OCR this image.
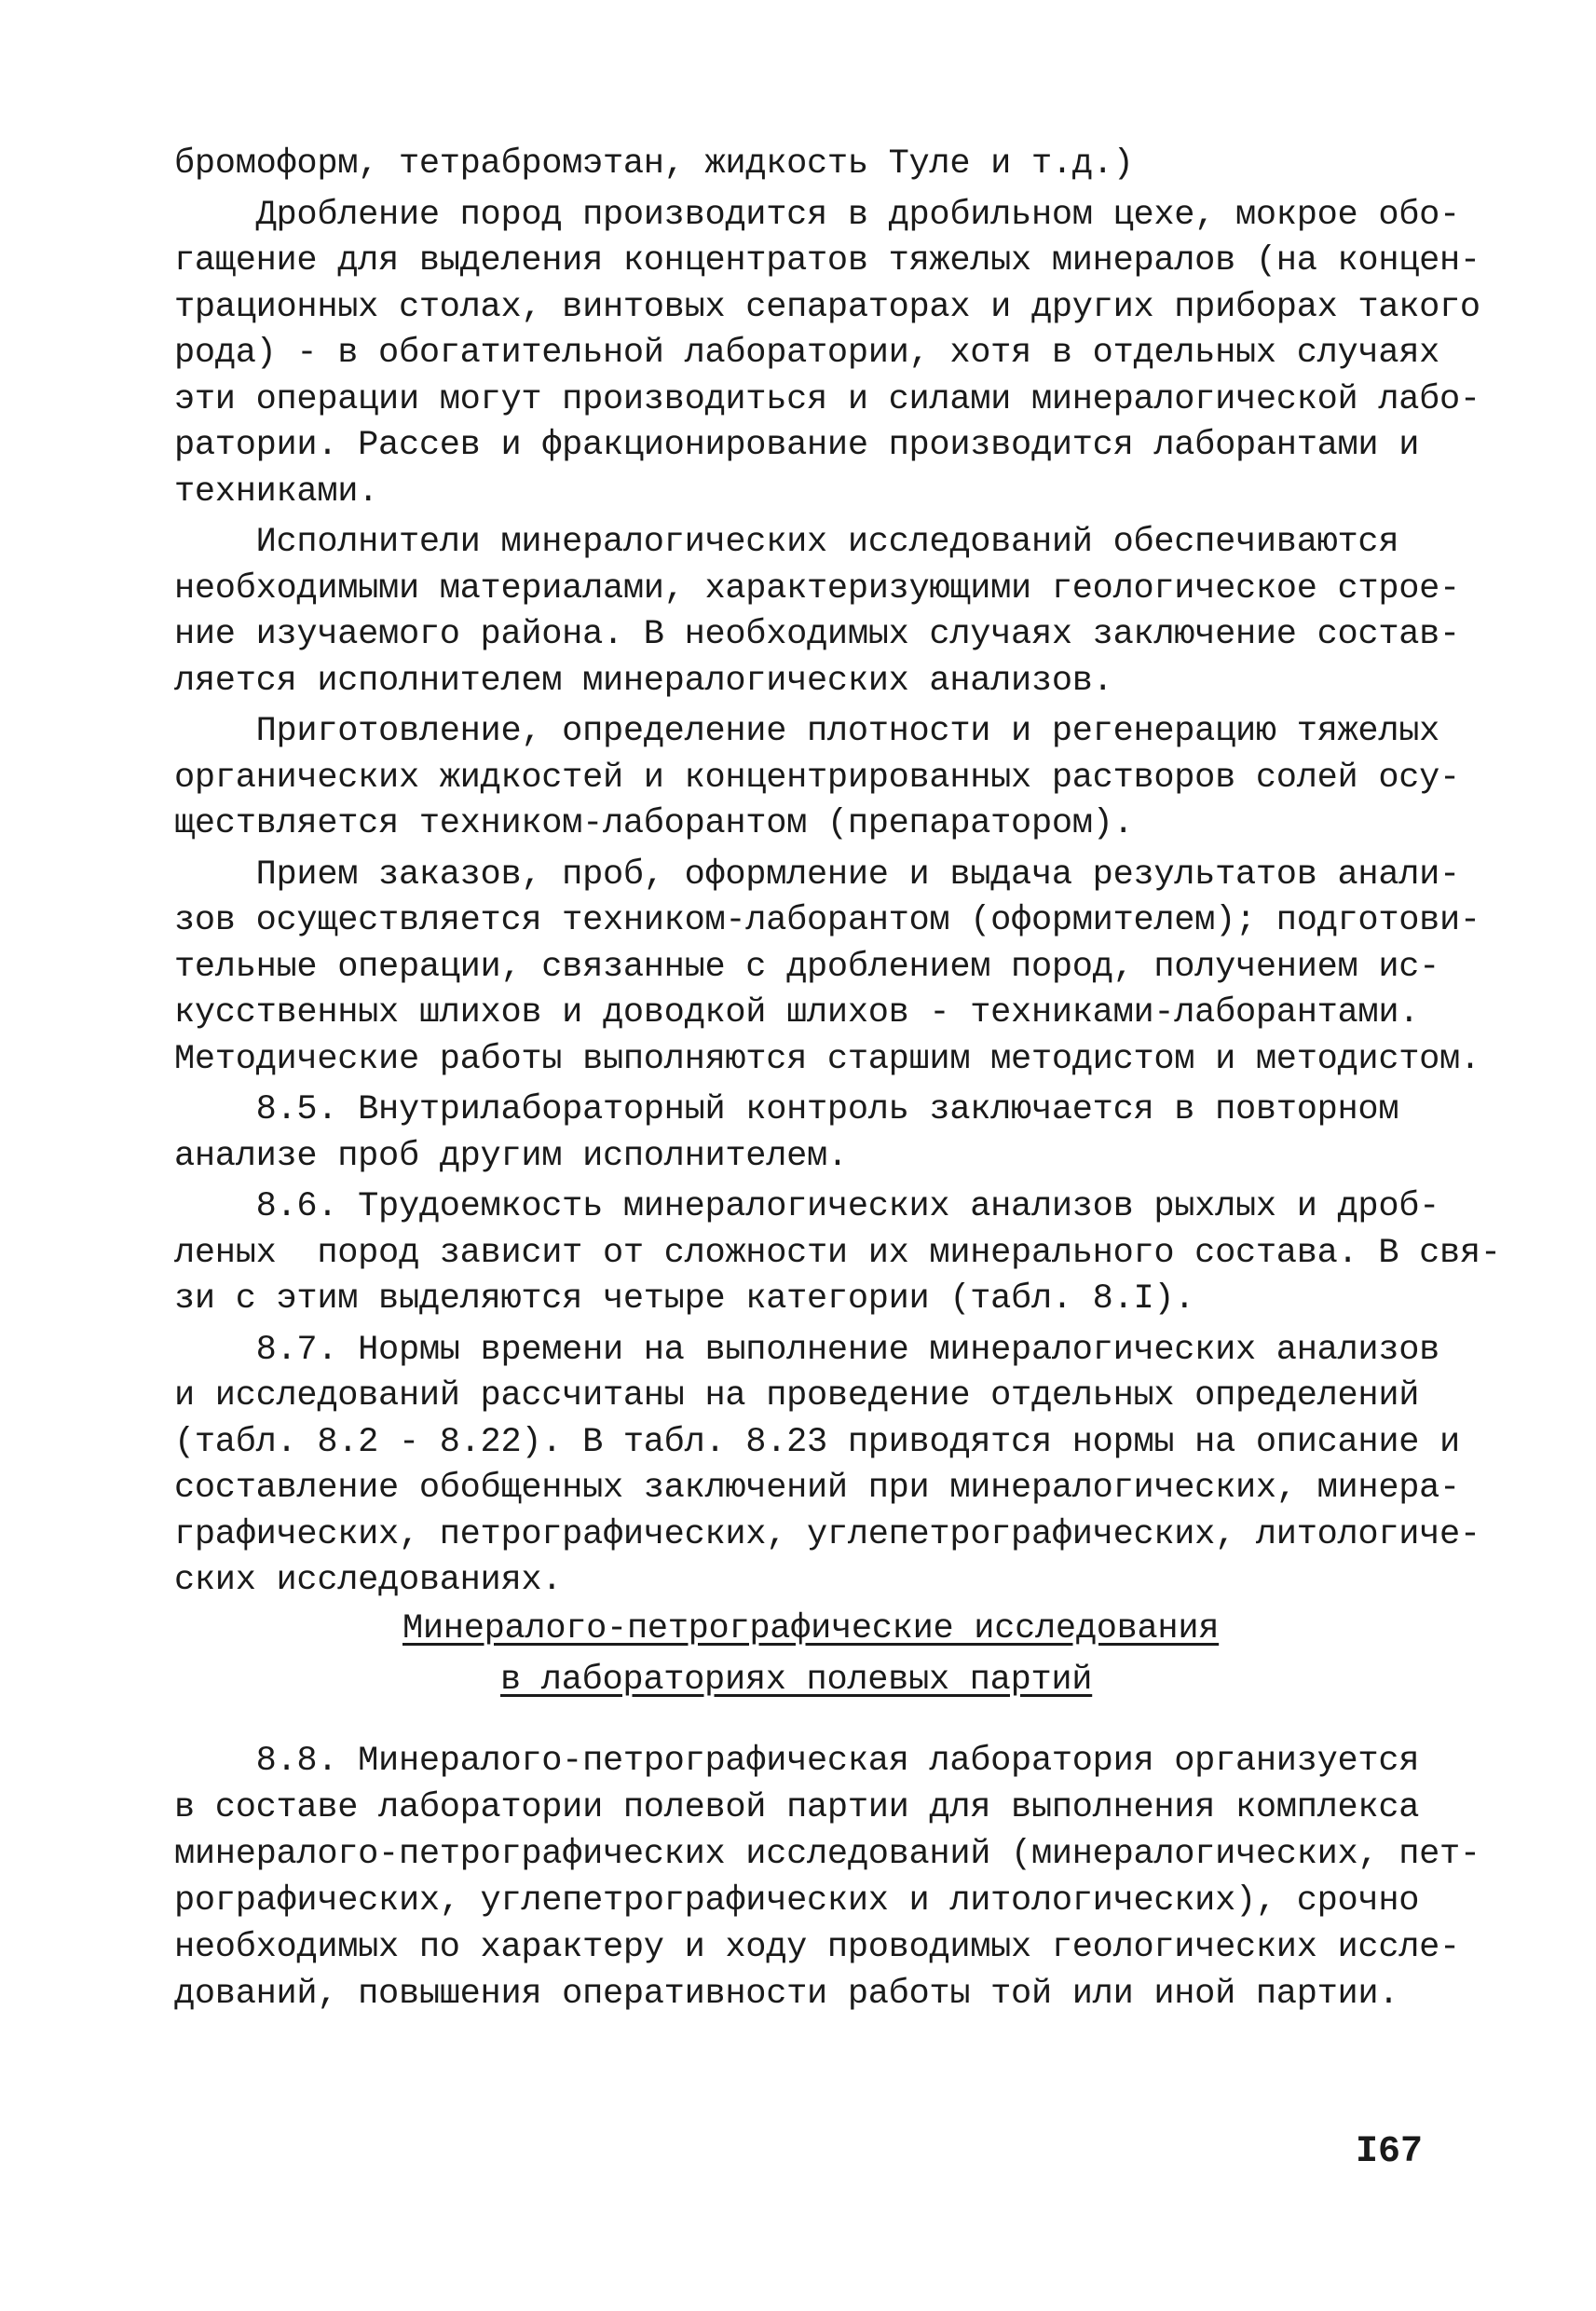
бромоформ, тетрабромэтан, жидкость Туле и т.д.)
Дробление пород производится в дробильном цехе, мокрое обо-
гащение для выделения концентратов тяжелых минералов (на концен-
трационных столах, винтовых сепараторах и других приборах такого
рода) - в обогатительной лаборатории, хотя в отдельных случаях
эти операции могут производиться и силами минералогической лабо-
ратории. Рассев и фракционирование производится лаборантами и
техниками.
Исполнители минералогических исследований обеспечиваются
необходимыми материалами, характеризующими геологическое строе-
ние изучаемого района. В необходимых случаях заключение состав-
ляется исполнителем минералогических анализов.
Приготовление, определение плотности и регенерацию тяжелых
органических жидкостей и концентрированных растворов солей осу-
ществляется техником-лаборантом (препаратором).
Прием заказов, проб, оформление и выдача результатов анали-
зов осуществляется техником-лаборантом (оформителем); подготови-
тельные операции, связанные с дроблением пород, получением ис-
кусственных шлихов и доводкой шлихов - техниками-лаборантами.
Методические работы выполняются старшим методистом и методистом.
8.5. Внутрилабораторный контроль заключается в повторном
анализе проб другим исполнителем.
8.6. Трудоемкость минералогических анализов рыхлых и дроб-
леных  пород зависит от сложности их минерального состава. В свя-
зи с этим выделяются четыре категории (табл. 8.I).
8.7. Нормы времени на выполнение минералогических анализов
и исследований рассчитаны на проведение отдельных определений
(табл. 8.2 - 8.22). В табл. 8.23 приводятся нормы на описание и
составление обобщенных заключений при минералогических, минера-
графических, петрографических, углепетрографических, литологиче-
ских исследованиях.
Минералого-петрографические исследования
в лабораториях полевых партий
8.8. Минералого-петрографическая лаборатория организуется
в составе лаборатории полевой партии для выполнения комплекса
минералого-петрографических исследований (минералогических, пет-
рографических, углепетрографических и литологических), срочно
необходимых по характеру и ходу проводимых геологических иссле-
дований, повышения оперативности работы той или иной партии.
I67
